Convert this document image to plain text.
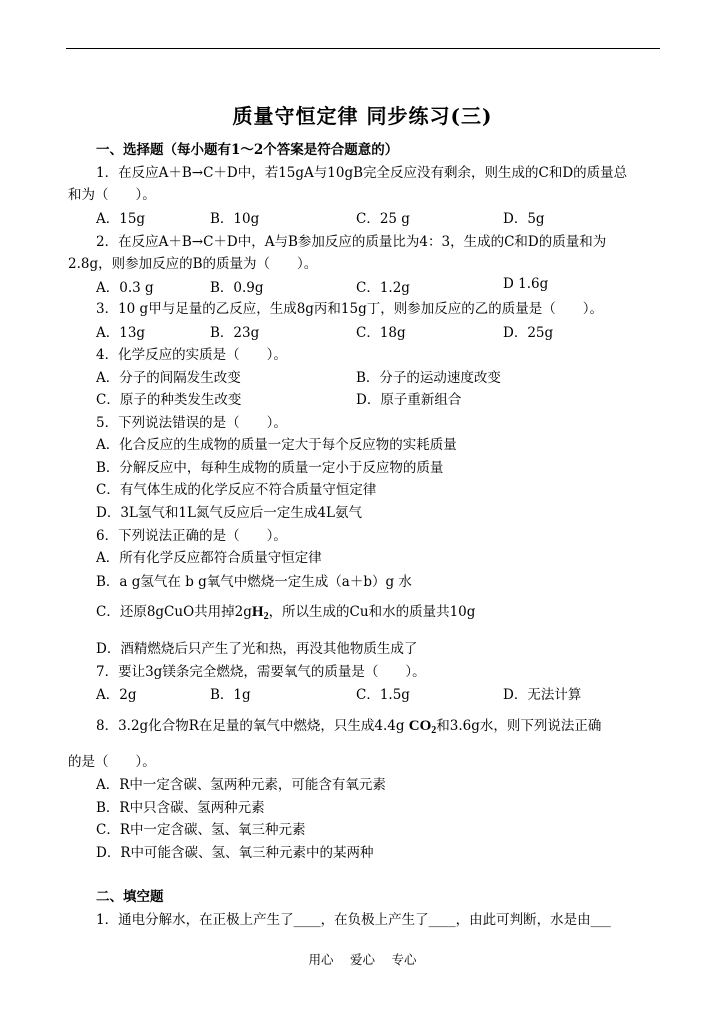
质量守恒定律 同步练习(三)
一、选择题（每小题有1～2个答案是符合题意的）
1．在反应A＋B→C＋D中，若15gA与10gB完全反应没有剩余，则生成的C和D的质量总
和为（　　）。
A．15g	B．10g	C．25 g	D．5g
2．在反应A＋B→C＋D中，A与B参加反应的质量比为4：3，生成的C和D的质量和为
2.8g，则参加反应的B的质量为（　　）。
A．0.3 g	B．0.9g	C．1.2g	D 1.6g
3．10 g甲与足量的乙反应，生成8g丙和15g丁，则参加反应的乙的质量是（　　）。
A．13g	B．23g	C．18g	D．25g
4．化学反应的实质是（　　）。
A．分子的间隔发生改变	B．分子的运动速度改变
C．原子的种类发生改变	D．原子重新组合
5．下列说法错误的是（　　）。
A．化合反应的生成物的质量一定大于每个反应物的实耗质量
B．分解反应中，每种生成物的质量一定小于反应物的质量
C．有气体生成的化学反应不符合质量守恒定律
D．3L氢气和1L氮气反应后一定生成4L氨气
6．下列说法正确的是（　　）。
A．所有化学反应都符合质量守恒定律
B．a g氢气在 b g氧气中燃烧一定生成（a＋b）g 水
C．还原8gCuO共用掉$2gH_2$，所以生成的Cu和水的质量共10g
D．酒精燃烧后只产生了光和热，再没其他物质生成了
7．要让3g镁条完全燃烧，需要氧气的质量是（　　）。
A．2g	B．1g	C．1.5g	D．无法计算
8．3.2g化合物R在足量的氧气中燃烧，只生成4.4g $CO_2$和3.6g水，则下列说法正确
的是（　　）。
A．R中一定含碳、氢两种元素，可能含有氧元素
B．R中只含碳、氢两种元素
C．R中一定含碳、氢、氧三种元素
D．R中可能含碳、氢、氧三种元素中的某两种
二、填空题
1．通电分解水，在正极上产生了____，在负极上产生了____，由此可判断，水是由___
用心　 爱心　 专心
